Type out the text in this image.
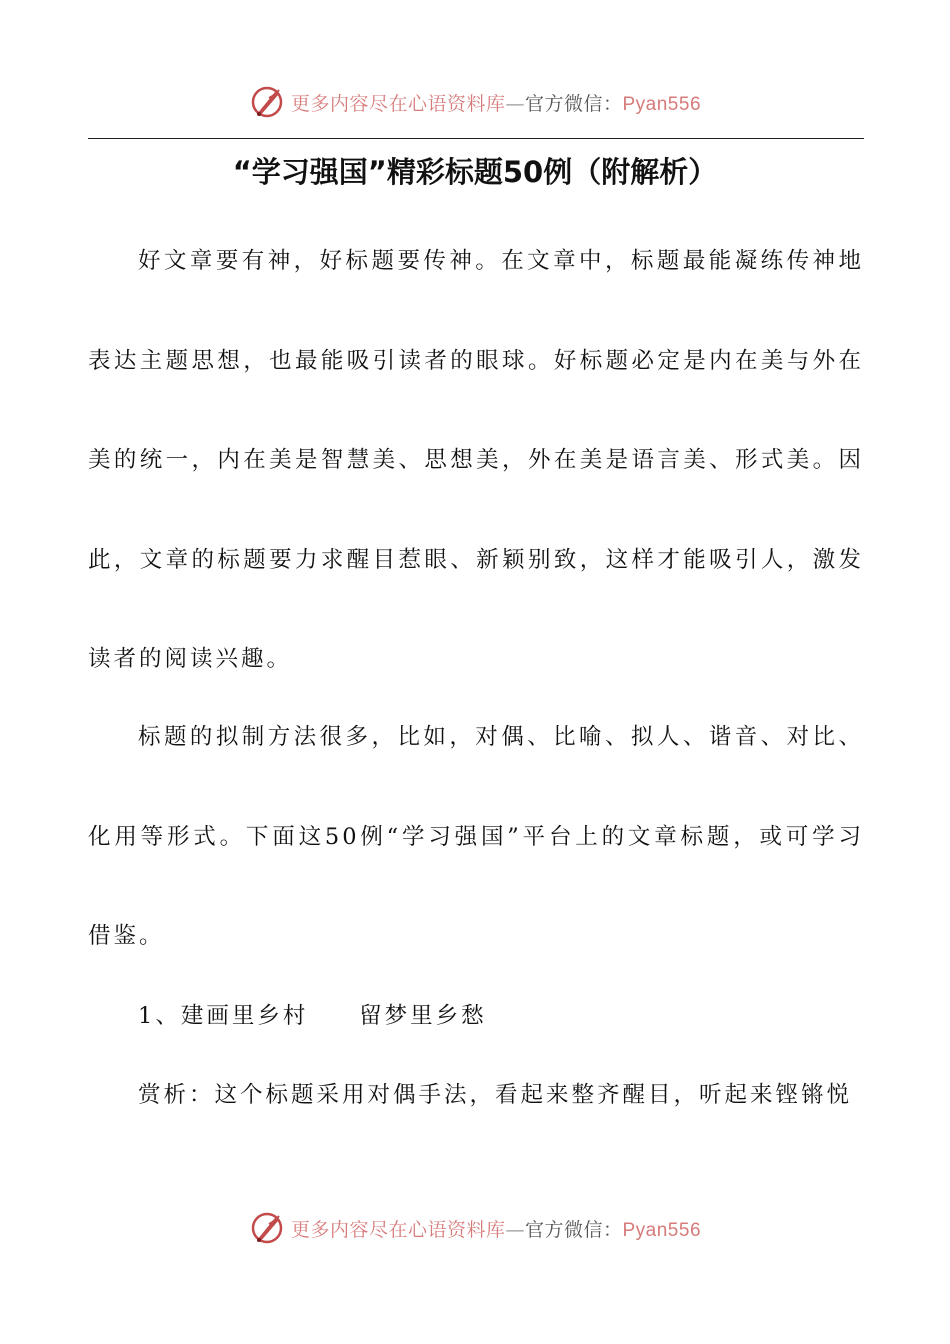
更多内容尽在心语资料库—官方微信：Pyan556
“学习强国”精彩标题50例（附解析）

好文章要有神，好标题要传神。在文章中，标题最能凝练传神地表达主题思想，也最能吸引读者的眼球。好标题必定是内在美与外在美的统一，内在美是智慧美、思想美，外在美是语言美、形式美。因此，文章的标题要力求醒目惹眼、新颖别致，这样才能吸引人，激发读者的阅读兴趣。

标题的拟制方法很多，比如，对偶、比喻、拟人、谐音、对比、化用等形式。下面这50例“学习强国”平台上的文章标题，或可学习借鉴。

1、建画里乡村     留梦里乡愁

赏析：这个标题采用对偶手法，看起来整齐醒目，听起来铿锵悦

更多内容尽在心语资料库—官方微信：Pyan556
